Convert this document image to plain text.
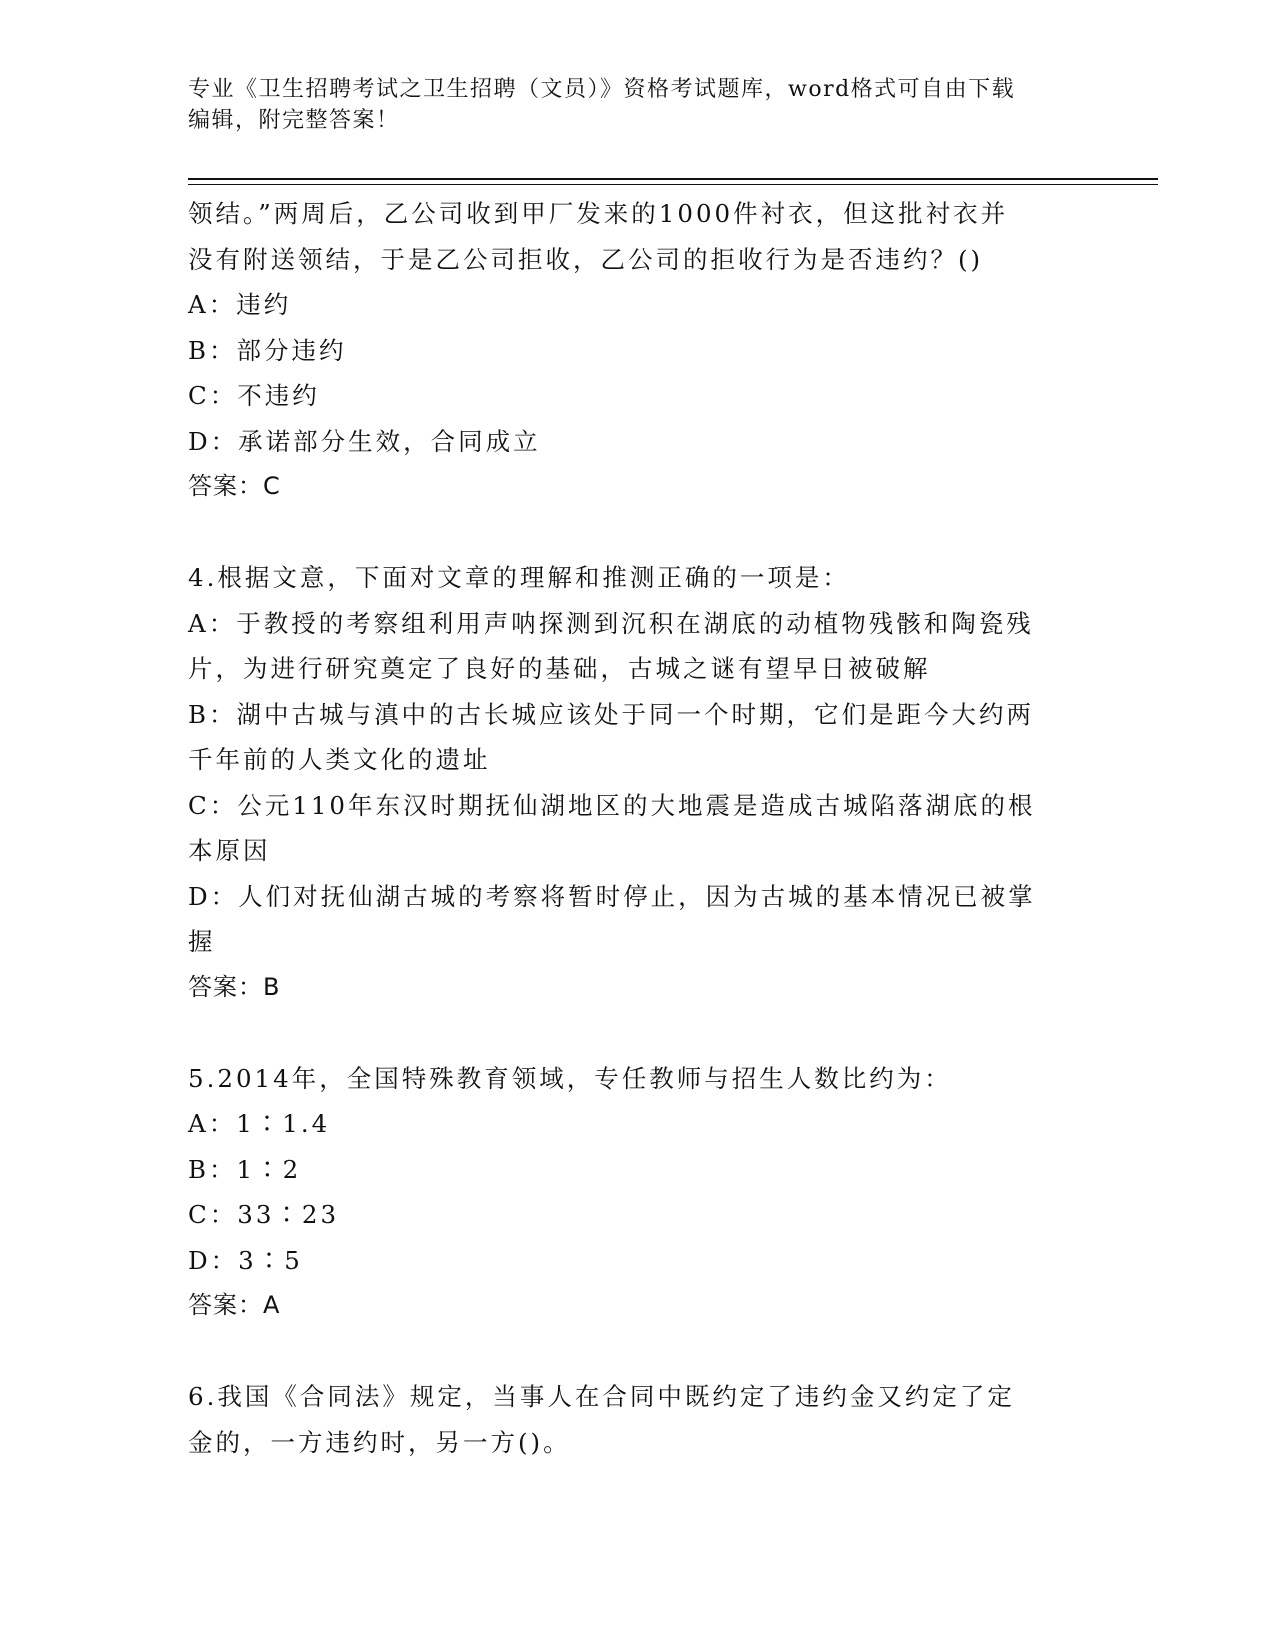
专业《卫生招聘考试之卫生招聘（文员）》资格考试题库，word格式可自由下载
编辑，附完整答案！
领结。”两周后，乙公司收到甲厂发来的1000件衬衣，但这批衬衣并
没有附送领结，于是乙公司拒收，乙公司的拒收行为是否违约？()
A：违约
B：部分违约
C：不违约
D：承诺部分生效，合同成立
答案：C
4.根据文意，下面对文章的理解和推测正确的一项是：
A：于教授的考察组利用声呐探测到沉积在湖底的动植物残骸和陶瓷残
片，为进行研究奠定了良好的基础，古城之谜有望早日被破解
B：湖中古城与滇中的古长城应该处于同一个时期，它们是距今大约两
千年前的人类文化的遗址
C：公元110年东汉时期抚仙湖地区的大地震是造成古城陷落湖底的根
本原因
D：人们对抚仙湖古城的考察将暂时停止，因为古城的基本情况已被掌
握
答案：B
5.2014年，全国特殊教育领域，专任教师与招生人数比约为：
A：1∶1.4
B：1∶2
C：33∶23
D：3∶5
答案：A
6.我国《合同法》规定，当事人在合同中既约定了违约金又约定了定
金的，一方违约时，另一方()。
